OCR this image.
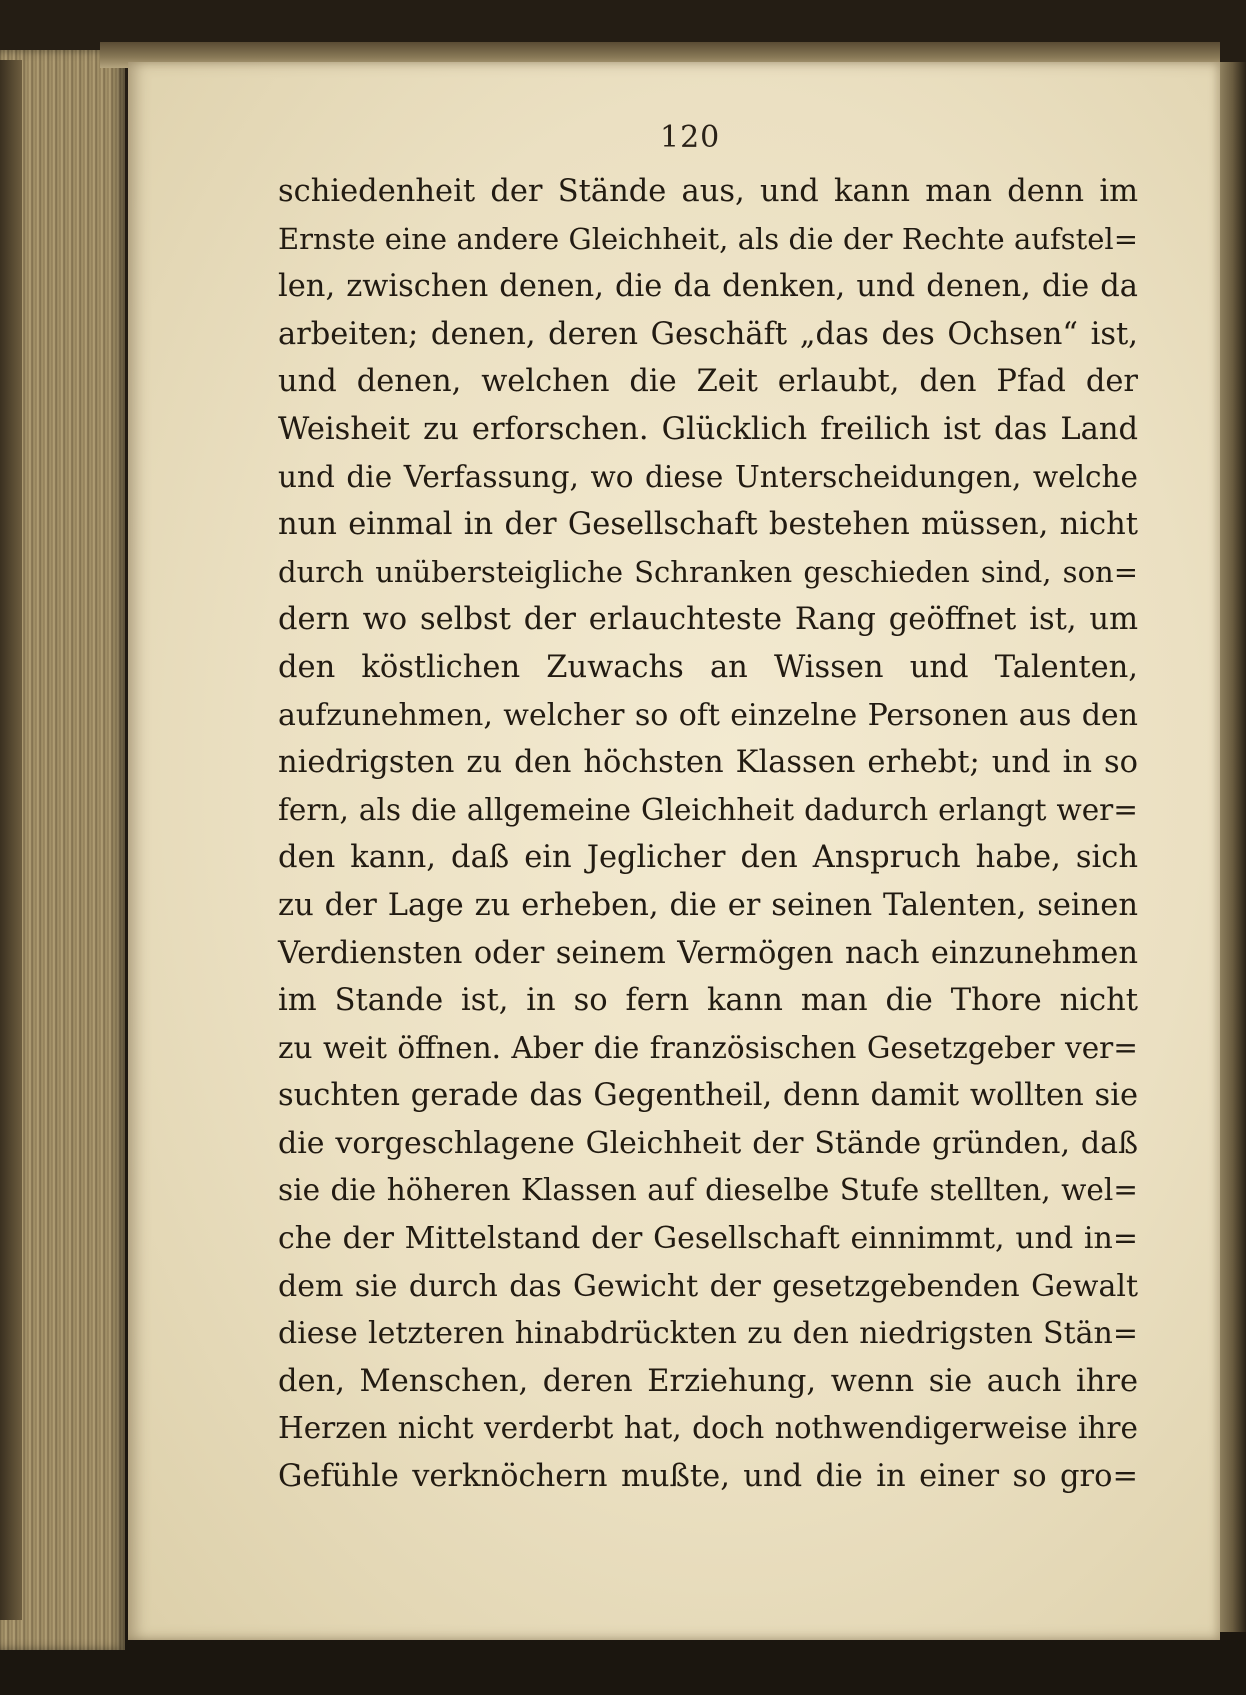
120
schiedenheit der Stände aus, und kann man denn im
Ernste eine andere Gleichheit, als die der Rechte aufstel=
len, zwischen denen, die da denken, und denen, die da
arbeiten; denen, deren Geschäft „das des Ochsen“ ist,
und denen, welchen die Zeit erlaubt, den Pfad der
Weisheit zu erforschen. Glücklich freilich ist das Land
und die Verfassung, wo diese Unterscheidungen, welche
nun einmal in der Gesellschaft bestehen müssen, nicht
durch unübersteigliche Schranken geschieden sind, son=
dern wo selbst der erlauchteste Rang geöffnet ist, um
den köstlichen Zuwachs an Wissen und Talenten,
aufzunehmen, welcher so oft einzelne Personen aus den
niedrigsten zu den höchsten Klassen erhebt; und in so
fern, als die allgemeine Gleichheit dadurch erlangt wer=
den kann, daß ein Jeglicher den Anspruch habe, sich
zu der Lage zu erheben, die er seinen Talenten, seinen
Verdiensten oder seinem Vermögen nach einzunehmen
im Stande ist, in so fern kann man die Thore nicht
zu weit öffnen. Aber die französischen Gesetzgeber ver=
suchten gerade das Gegentheil, denn damit wollten sie
die vorgeschlagene Gleichheit der Stände gründen, daß
sie die höheren Klassen auf dieselbe Stufe stellten, wel=
che der Mittelstand der Gesellschaft einnimmt, und in=
dem sie durch das Gewicht der gesetzgebenden Gewalt
diese letzteren hinabdrückten zu den niedrigsten Stän=
den, Menschen, deren Erziehung, wenn sie auch ihre
Herzen nicht verderbt hat, doch nothwendigerweise ihre
Gefühle verknöchern mußte, und die in einer so gro=
